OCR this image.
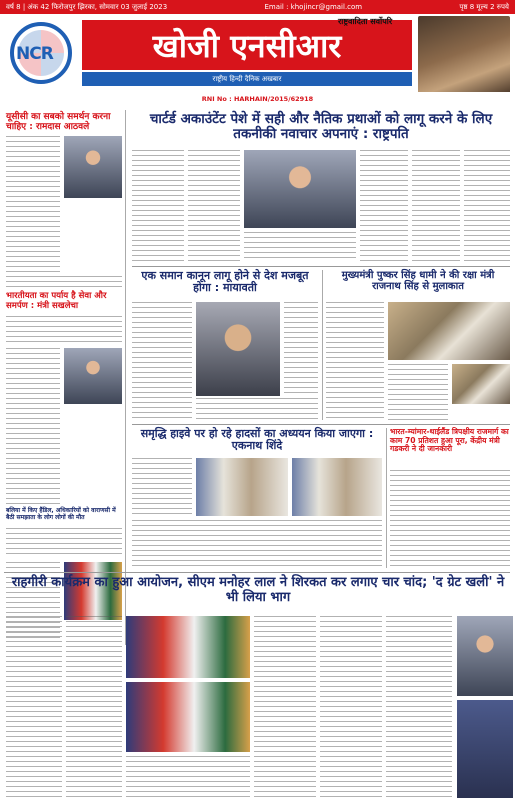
वर्ष 8 | अंक 42 फिरोजपुर झिरका, सोमवार 03 जुलाई 2023	Email : khojincr@gmail.com	पृष्ठ 8 मूल्य 2 रुपये
NCR	खोजी एनसीआर
राष्ट्रवादिता सर्वोपरि
राष्ट्रीय हिन्दी दैनिक अखबार
RNI No : HARHAIN/2015/62918
यूसीसी का सबको समर्थन करना चाहिए : रामदास आठवले
भारतीयता का पर्याय है सेवा और समर्पण : मंत्री सखलेचा
बलिया में किए हैंडिल, अधिकारियों को वाराणसी में बैठी समझाता के लोग लोगों की मौत
चार्टर्ड अकाउंटेंट पेशे में सही और नैतिक प्रथाओं को लागू करने के लिए तकनीकी नवाचार अपनाएं : राष्ट्रपति
एक समान कानून लागू होने से देश मजबूत होगा : मायावती
मुख्यमंत्री पुष्कर सिंह धामी ने की रक्षा मंत्री राजनाथ सिंह से मुलाकात
समृद्धि हाइवे पर हो रहे हादसों का अध्ययन किया जाएगा : एकनाथ शिंदे
भारत-म्यांमार-थाईलैंड त्रिपक्षीय राजमार्ग का काम 70 प्रतिशत हुआ पूरा, केंद्रीय मंत्री गडकरी ने दी जानकारी
राहगीरी कार्यक्रम का हुआ आयोजन, सीएम मनोहर लाल ने शिरकत कर लगाए चार चांद; 'द ग्रेट खली' ने भी लिया भाग
